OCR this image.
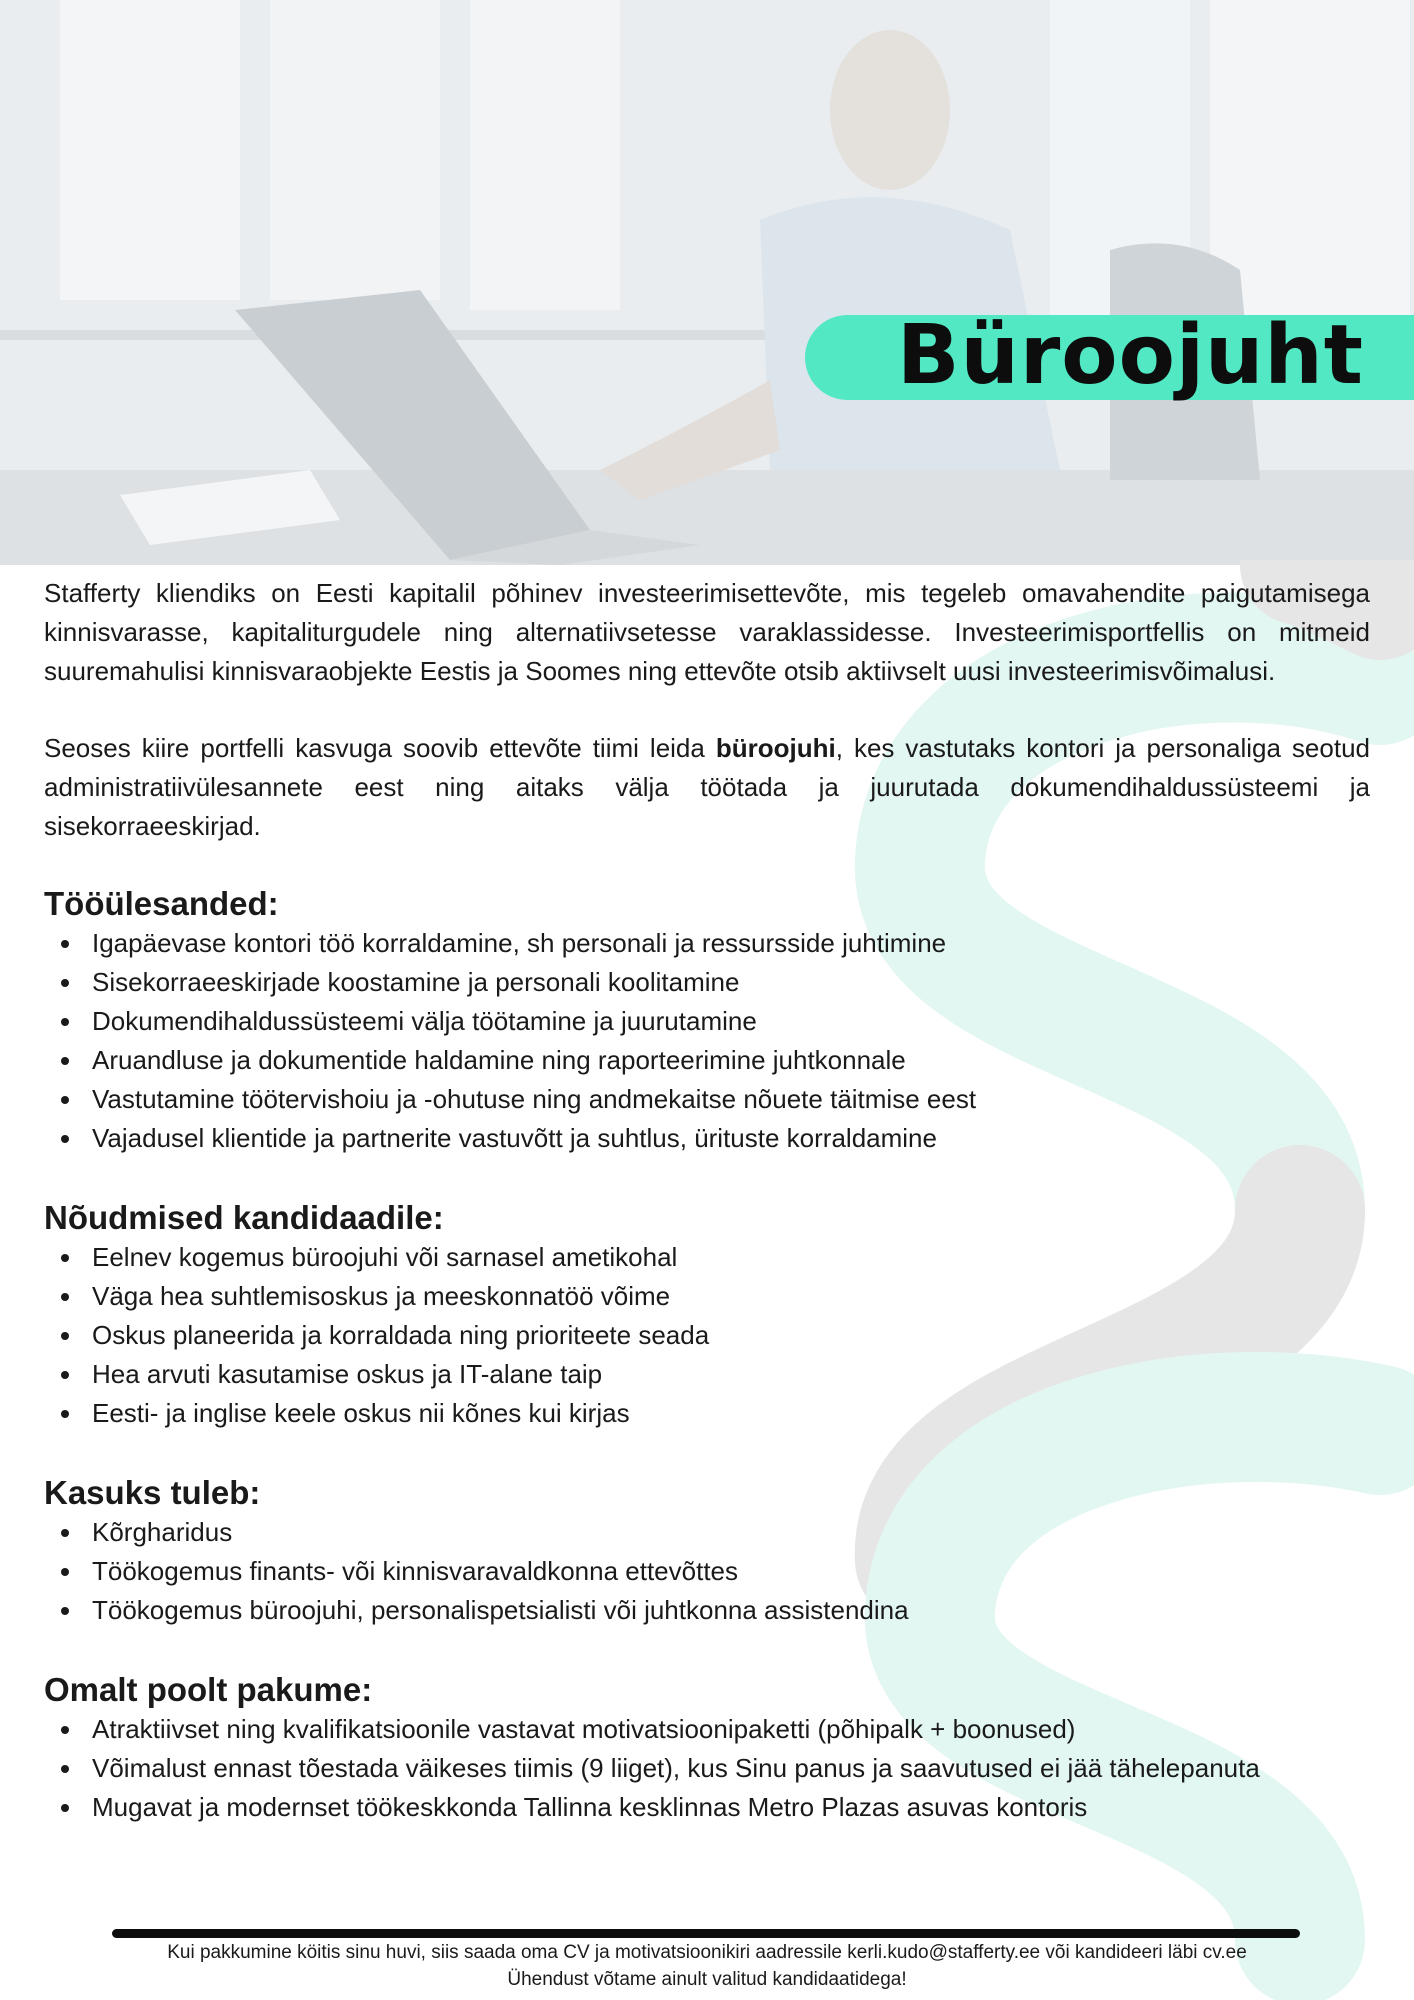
Büroojuht

Stafferty kliendiks on Eesti kapitalil põhinev investeerimisettevõte, mis tegeleb omavahendite paigutamisega kinnisvarasse, kapitaliturgudele ning alternatiivsetesse varaklassidesse. Investeerimisportfellis on mitmeid suuremahulisi kinnisvaraobjekte Eestis ja Soomes ning ettevõte otsib aktiivselt uusi investeerimisvõimalusi.

Seoses kiire portfelli kasvuga soovib ettevõte tiimi leida büroojuhi, kes vastutaks kontori ja personaliga seotud administratiivülesannete eest ning aitaks välja töötada ja juurutada dokumendihaldussüsteemi ja sisekorraeeskirjad.

Tööülesanded:
Igapäevase kontori töö korraldamine, sh personali ja ressursside juhtimine
Sisekorraeeskirjade koostamine ja personali koolitamine
Dokumendihaldussüsteemi välja töötamine ja juurutamine
Aruandluse ja dokumentide haldamine ning raporteerimine juhtkonnale
Vastutamine töötervishoiu ja -ohutuse ning andmekaitse nõuete täitmise eest
Vajadusel klientide ja partnerite vastuvõtt ja suhtlus, ürituste korraldamine
Nõudmised kandidaadile:
Eelnev kogemus büroojuhi või sarnasel ametikohal
Väga hea suhtlemisoskus ja meeskonnatöö võime
Oskus planeerida ja korraldada ning prioriteete seada
Hea arvuti kasutamise oskus ja IT-alane taip
Eesti- ja inglise keele oskus nii kõnes kui kirjas
Kasuks tuleb:
Kõrgharidus
Töökogemus finants- või kinnisvaravaldkonna ettevõttes
Töökogemus büroojuhi, personalispetsialisti või juhtkonna assistendina
Omalt poolt pakume:
Atraktiivset ning kvalifikatsioonile vastavat motivatsioonipaketti (põhipalk + boonused)
Võimalust ennast tõestada väikeses tiimis (9 liiget), kus Sinu panus ja saavutused ei jää tähelepanuta
Mugavat ja modernset töökeskkonda Tallinna kesklinnas Metro Plazas asuvas kontoris
Kui pakkumine köitis sinu huvi, siis saada oma CV ja motivatsioonikiri aadressile kerli.kudo@stafferty.ee või kandideeri läbi cv.ee
Ühendust võtame ainult valitud kandidaatidega!
